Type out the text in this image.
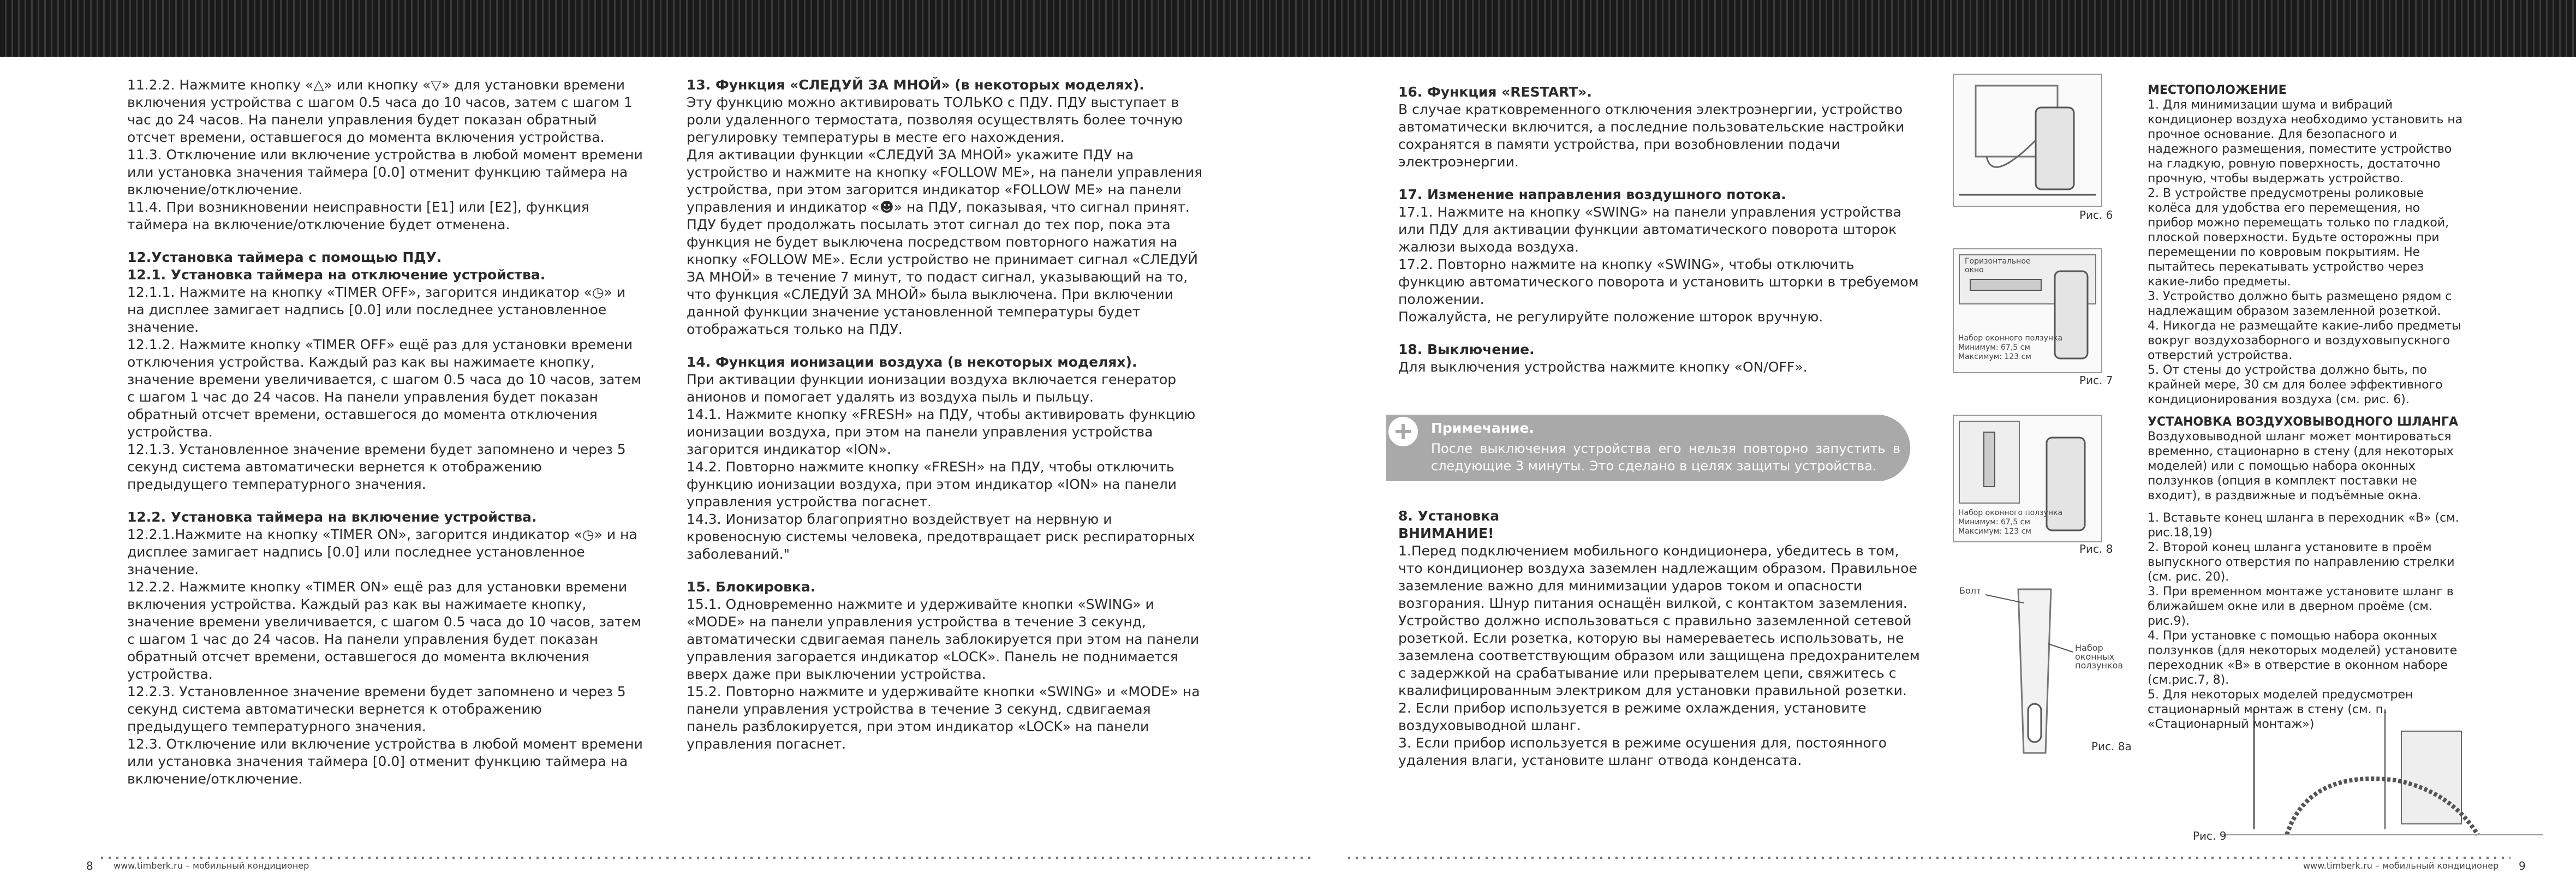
11.2.2. Нажмите кнопку «△» или кнопку «▽» для установки времени включения устройства с шагом 0.5 часа до 10 часов, затем с шагом 1 час до 24 часов. На панели управления будет показан обратный отсчет времени, оставшегося до момента включения устройства.

11.3. Отключение или включение устройства в любой момент времени или установка значения таймера [0.0] отменит функцию таймера на включение/отключение.

11.4. При возникновении неисправности [E1] или [E2], функция таймера на включение/отключение будет отменена.

12.Установка таймера с помощью ПДУ.

12.1. Установка таймера на отключение устройства.

12.1.1. Нажмите на кнопку «TIMER OFF», загорится индикатор «◷» и на дисплее замигает надпись [0.0] или последнее установленное значение.

12.1.2. Нажмите кнопку «TIMER OFF» ещё раз для установки времени отключения устройства. Каждый раз как вы нажимаете кнопку, значение времени увеличивается, с шагом 0.5 часа до 10 часов, затем с шагом 1 час до 24 часов. На панели управления будет показан обратный отсчет времени, оставшегося до момента отключения устройства.

12.1.3. Установленное значение времени будет запомнено и через 5 секунд система автоматически вернется к отображению предыдущего температурного значения.

12.2. Установка таймера на включение устройства.

12.2.1.Нажмите на кнопку «TIMER ON», загорится индикатор «◷» и на дисплее замигает надпись [0.0] или последнее установленное значение.

12.2.2. Нажмите кнопку «TIMER ON» ещё раз для установки времени включения устройства. Каждый раз как вы нажимаете кнопку, значение времени увеличивается, с шагом 0.5 часа до 10 часов, затем с шагом 1 час до 24 часов. На панели управления будет показан обратный отсчет времени, оставшегося до момента включения устройства.

12.2.3. Установленное значение времени будет запомнено и через 5 секунд система автоматически вернется к отображению предыдущего температурного значения.

12.3. Отключение или включение устройства в любой момент времени или установка значения таймера [0.0] отменит функцию таймера на включение/отключение.

13. Функция «СЛЕДУЙ ЗА МНОЙ» (в некоторых моделях).

Эту функцию можно активировать ТОЛЬКО с ПДУ. ПДУ выступает в роли удаленного термостата, позволяя осуществлять более точную регулировку температуры в месте его нахождения.

Для активации функции «СЛЕДУЙ ЗА МНОЙ» укажите ПДУ на устройство и нажмите на кнопку «FOLLOW ME», на панели управления устройства, при этом загорится индикатор «FOLLOW ME» на панели управления и индикатор «☻» на ПДУ, показывая, что сигнал принят. ПДУ будет продолжать посылать этот сигнал до тех пор, пока эта функция не будет выключена посредством повторного нажатия на кнопку «FOLLOW ME». Если устройство не принимает сигнал «СЛЕДУЙ ЗА МНОЙ» в течение 7 минут, то подаст сигнал, указывающий на то, что функция «СЛЕДУЙ ЗА МНОЙ» была выключена. При включении данной функции значение установленной температуры будет отображаться только на ПДУ.

14. Функция ионизации воздуха (в некоторых моделях).

При активации функции ионизации воздуха включается генератор анионов и помогает удалять из воздуха пыль и пыльцу.

14.1. Нажмите кнопку «FRESH» на ПДУ, чтобы активировать функцию ионизации воздуха, при этом на панели управления устройства загорится индикатор «ION».

14.2. Повторно нажмите кнопку «FRESH» на ПДУ, чтобы отключить функцию ионизации воздуха, при этом индикатор «ION» на панели управления устройства погаснет.

14.3. Ионизатор благоприятно воздействует на нервную и кровеносную системы человека, предотвращает риск респираторных заболеваний."

15. Блокировка.

15.1. Одновременно нажмите и удерживайте кнопки «SWING» и «MODE» на панели управления устройства в течение 3 секунд, автоматически сдвигаемая панель заблокируется при этом на панели управления загорается индикатор «LOCK». Панель не поднимается вверх даже при выключении устройства.

15.2. Повторно нажмите и удерживайте кнопки «SWING» и «MODE» на панели управления устройства в течение 3 секунд, сдвигаемая панель разблокируется, при этом индикатор «LOCK» на панели управления погаснет.

16. Функция «RESTART».

В случае кратковременного отключения электроэнергии, устройство автоматически включится, а последние пользовательские настройки сохранятся в памяти устройства, при возобновлении подачи электроэнергии.

17. Изменение направления воздушного потока.

17.1. Нажмите на кнопку «SWING» на панели управления устройства или ПДУ для активации функции автоматического поворота шторок жалюзи выхода воздуха.

17.2. Повторно нажмите на кнопку «SWING», чтобы отключить функцию автоматического поворота и установить шторки в требуемом положении.

Пожалуйста, не регулируйте положение шторок вручную.

18. Выключение.

Для выключения устройства нажмите кнопку «ON/OFF».

Примечание.
После выключения устройства его нельзя повторно запустить в следующие 3 минуты. Это сделано в целях защиты устройства.

8. Установка

ВНИМАНИЕ!

1.Перед подключением мобильного кондиционера, убедитесь в том, что кондиционер воздуха заземлен надлежащим образом. Правильное заземление важно для минимизации ударов током и опасности возгорания. Шнур питания оснащён вилкой, с контактом заземления. Устройство должно использоваться с правильно заземленной сетевой розеткой. Если розетка, которую вы намереваетесь использовать, не заземлена соответствующим образом или защищена предохранителем с задержкой на срабатывание или прерывателем цепи, свяжитесь с квалифицированным электриком для установки правильной розетки.

2. Если прибор используется в режиме охлаждения, установите воздуховыводной шланг.

3. Если прибор используется в режиме осушения для, постоянного удаления влаги, установите шланг отвода конденсата.

Рис. 6
Горизонтальное окно
Набор оконного ползунка
Минимум: 67,5 см
Максимум: 123 см
Рис. 7
Набор оконного ползунка
Минимум: 67,5 см
Максимум: 123 см
Рис. 8
Болт
Набор оконных ползунков
Рис. 8а
Рис. 9

МЕСТОПОЛОЖЕНИЕ

1. Для минимизации шума и вибраций кондиционер воздуха необходимо установить на прочное основание. Для безопасного и надежного размещения, поместите устройство на гладкую, ровную поверхность, достаточно прочную, чтобы выдержать устройство.

2. В устройстве предусмотрены роликовые колёса для удобства его перемещения, но прибор можно перемещать только по гладкой, плоской поверхности. Будьте осторожны при перемещении по ковровым покрытиям. Не пытайтесь перекатывать устройство через какие-либо предметы.

3. Устройство должно быть размещено рядом с надлежащим образом заземленной розеткой.

4. Никогда не размещайте какие-либо предметы вокруг воздухозаборного и воздуховыпускного отверстий устройства.

5. От стены до устройства должно быть, по крайней мере, 30 см для более эффективного кондиционирования воздуха (см. рис. 6).

УСТАНОВКА ВОЗДУХОВЫВОДНОГО ШЛАНГА

Воздуховыводной шланг может монтироваться временно, стационарно в стену (для некоторых моделей) или с помощью набора оконных ползунков (опция в комплект поставки не входит), в раздвижные и подъёмные окна.

1. Вставьте конец шланга в переходник «В» (см. рис.18,19)

2. Второй конец шланга установите в проём выпускного отверстия по направлению стрелки (см. рис. 20).

3. При временном монтаже установите шланг в ближайшем окне или в дверном проёме (см. рис.9).

4. При установке с помощью набора оконных ползунков (для некоторых моделей) установите переходник «В» в отверстие в оконном наборе (см.рис.7, 8).

5. Для некоторых моделей предусмотрен стационарный монтаж в стену (см. п. «Стационарный монтаж»)

8 www.timberk.ru – мобильный кондиционер	www.timberk.ru – мобильный кондиционер 9
